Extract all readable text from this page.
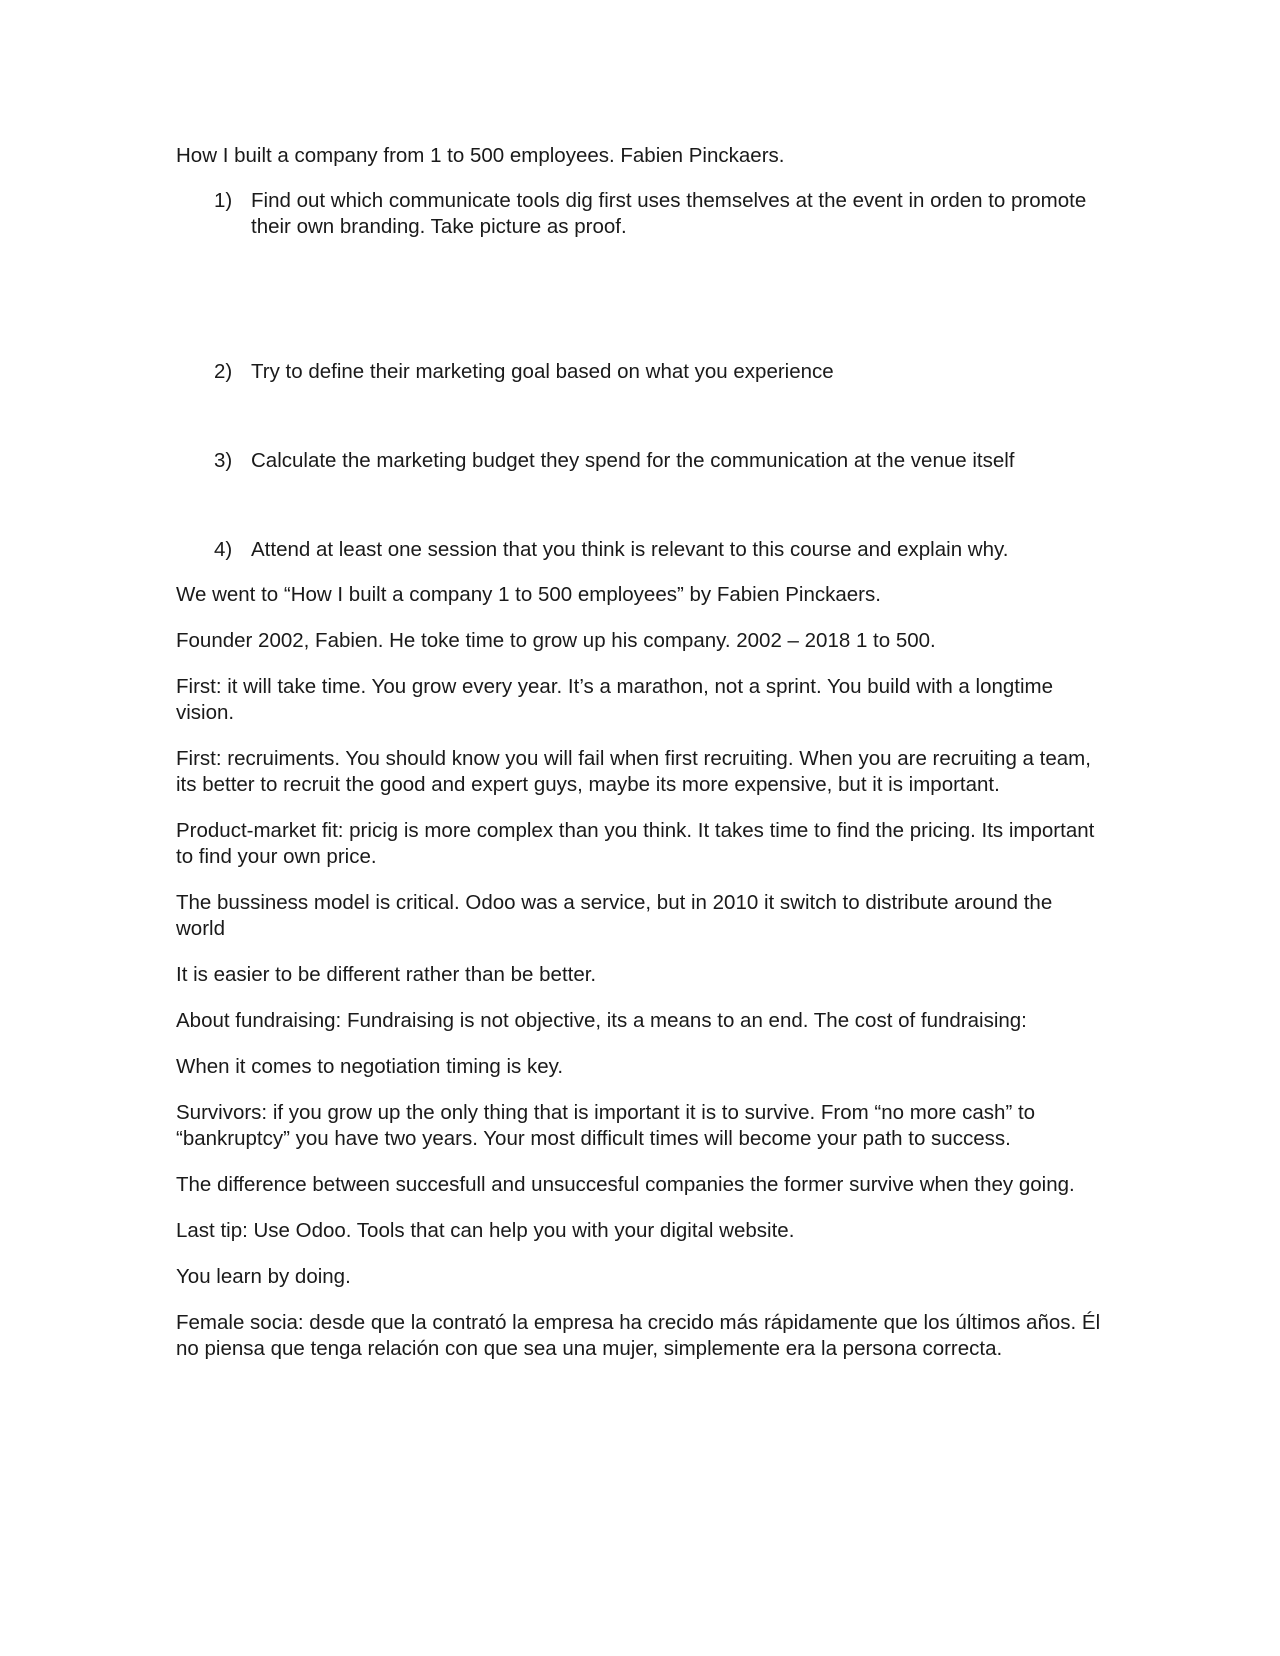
How I built a company from 1 to 500 employees. Fabien Pinckaers.

1) Find out which communicate tools dig first uses themselves at the event in orden to promote their own branding. Take picture as proof.
2) Try to define their marketing goal based on what you experience
3) Calculate the marketing budget they spend for the communication at the venue itself
4) Attend at least one session that you think is relevant to this course and explain why.

We went to “How I built a company 1 to 500 employees” by Fabien Pinckaers.

Founder 2002, Fabien. He toke time to grow up his company. 2002 – 2018 1 to 500.

First: it will take time. You grow every year. It’s a marathon, not a sprint. You build with a longtime vision.

First: recruiments. You should know you will fail when first recruiting. When you are recruiting a team, its better to recruit the good and expert guys, maybe its more expensive, but it is important.

Product-market fit: pricig is more complex than you think. It takes time to find the pricing. Its important to find your own price.

The bussiness model is critical. Odoo was a service, but in 2010 it switch to distribute around the world

It is easier to be different rather than be better.

About fundraising: Fundraising is not objective, its a means to an end. The cost of fundraising:

When it comes to negotiation timing is key.

Survivors: if you grow up the only thing that is important it is to survive. From “no more cash” to “bankruptcy” you have two years. Your most difficult times will become your path to success.

The difference between succesfull and unsuccesful companies the former survive when they going.

Last tip: Use Odoo. Tools that can help you with your digital website.

You learn by doing.

Female socia: desde que la contrató la empresa ha crecido más rápidamente que los últimos años. Él no piensa que tenga relación con que sea una mujer, simplemente era la persona correcta.
